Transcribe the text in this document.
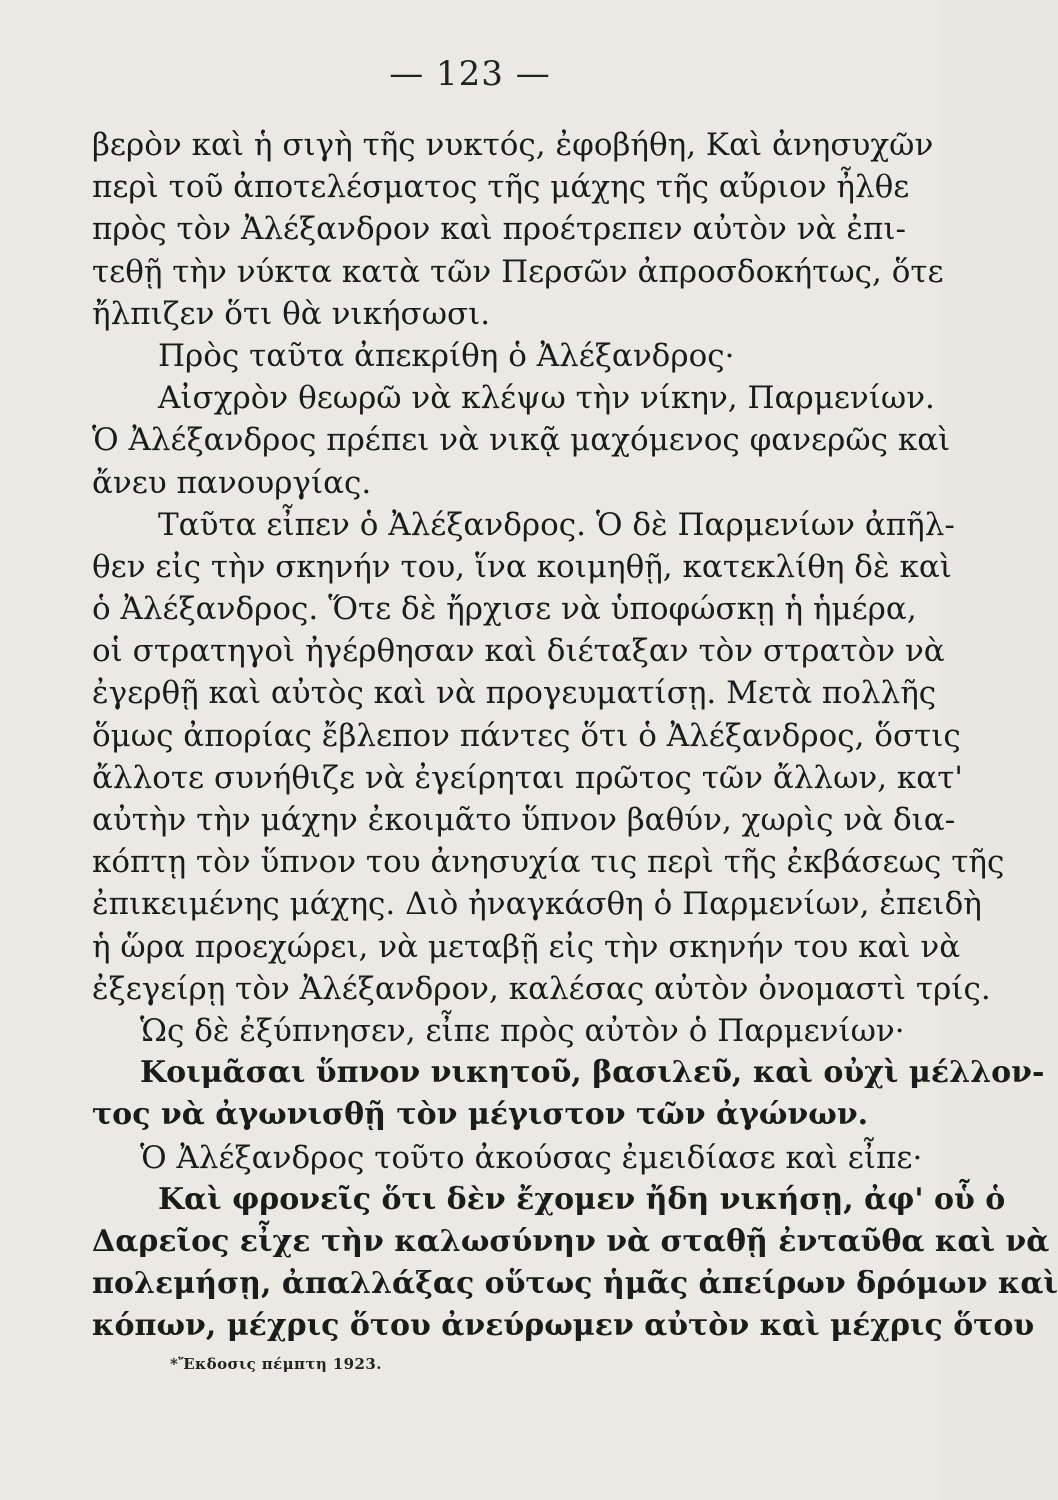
— 123 —
βερὸν καὶ ἡ σιγὴ τῆς νυκτός, ἐφοβήθη, Καὶ ἀνησυχῶν
περὶ τοῦ ἀποτελέσματος τῆς μάχης τῆς αὔριον ἦλθε
πρὸς τὸν Ἀλέξανδρον καὶ προέτρεπεν αὐτὸν νὰ ἐπι-
τεθῇ τὴν νύκτα κατὰ τῶν Περσῶν ἀπροσδοκήτως, ὅτε
ἤλπιζεν ὅτι θὰ νικήσωσι.
Πρὸς ταῦτα ἀπεκρίθη ὁ Ἀλέξανδρος·
Αἰσχρὸν θεωρῶ νὰ κλέψω τὴν νίκην, Παρμενίων.
Ὁ Ἀλέξανδρος πρέπει νὰ νικᾷ μαχόμενος φανερῶς καὶ
ἄνευ πανουργίας.
Ταῦτα εἶπεν ὁ Ἀλέξανδρος. Ὁ δὲ Παρμενίων ἀπῆλ-
θεν εἰς τὴν σκηνήν του, ἵνα κοιμηθῇ, κατεκλίθη δὲ καὶ
ὁ Ἀλέξανδρος. Ὅτε δὲ ἤρχισε νὰ ὑποφώσκῃ ἡ ἡμέρα,
οἱ στρατηγοὶ ἠγέρθησαν καὶ διέταξαν τὸν στρατὸν νὰ
ἐγερθῇ καὶ αὐτὸς καὶ νὰ προγευματίσῃ. Μετὰ πολλῆς
ὅμως ἀπορίας ἔβλεπον πάντες ὅτι ὁ Ἀλέξανδρος, ὅστις
ἄλλοτε συνήθιζε νὰ ἐγείρηται πρῶτος τῶν ἄλλων, κατ'
αὐτὴν τὴν μάχην ἐκοιμᾶτο ὕπνον βαθύν, χωρὶς νὰ δια-
κόπτῃ τὸν ὕπνον του ἀνησυχία τις περὶ τῆς ἐκβάσεως τῆς
ἐπικειμένης μάχης. Διὸ ἠναγκάσθη ὁ Παρμενίων, ἐπειδὴ
ἡ ὥρα προεχώρει, νὰ μεταβῇ εἰς τὴν σκηνήν του καὶ νὰ
ἐξεγείρῃ τὸν Ἀλέξανδρον, καλέσας αὐτὸν ὀνομαστὶ τρίς.
Ὡς δὲ ἐξύπνησεν, εἶπε πρὸς αὐτὸν ὁ Παρμενίων·
Κοιμᾶσαι ὕπνον νικητοῦ, βασιλεῦ, καὶ οὐχὶ μέλλον-
τος νὰ ἀγωνισθῇ τὸν μέγιστον τῶν ἀγώνων.
Ὁ Ἀλέξανδρος τοῦτο ἀκούσας ἐμειδίασε καὶ εἶπε·
Καὶ φρονεῖς ὅτι δὲν ἔχομεν ἤδη νικήσῃ, ἀφ' οὗ ὁ
Δαρεῖος εἶχε τὴν καλωσύνην νὰ σταθῇ ἐνταῦθα καὶ νὰ
πολεμήσῃ, ἀπαλλάξας οὕτως ἡμᾶς ἀπείρων δρόμων καὶ
κόπων, μέχρις ὅτου ἀνεύρωμεν αὐτὸν καὶ μέχρις ὅτου
*Ἔκδοσις πέμπτη 1923.
